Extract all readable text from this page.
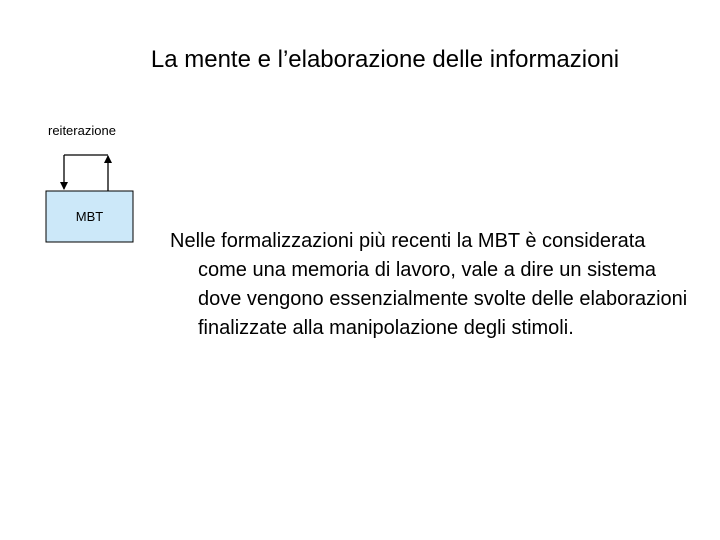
La mente e l’elaborazione delle informazioni
reiterazione
MBT
Nelle formalizzazioni più recenti la MBT è considerata come una memoria di lavoro, vale a dire un sistema dove vengono essenzialmente svolte delle elaborazioni finalizzate alla manipolazione degli stimoli.
